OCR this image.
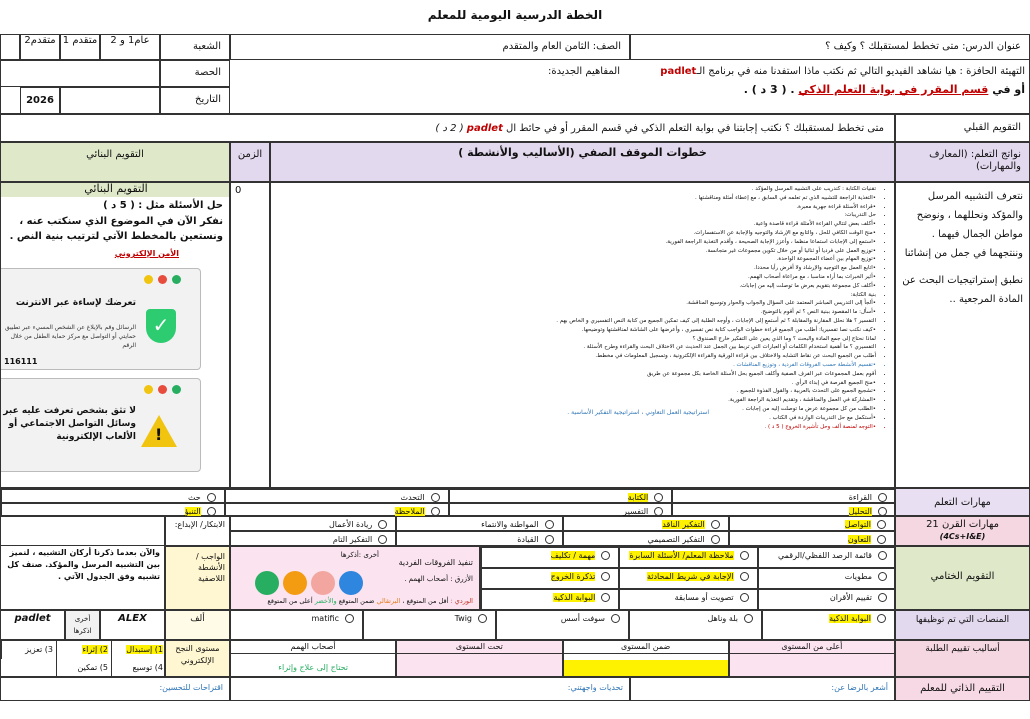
الخطة الدرسية اليومية للمعلم
عام1 و 2
متقدم 1
متقدم2
2026
الشعبة
الحصة
التاريخ
الصف: الثامن العام والمتقدم	عنوان الدرس: متى تخطط لمستقبلك ؟ وكيف ؟
المفاهيم الجديدة:	التهيئة الحافزة : هيا نشاهد الفيديو التالي ثم نكتب ماذا استفدنا منه في برنامج الـpadlet
أو في قسم المقرر في بوابة التعلم الذكي . ( 3 د ) .
التقويم القبلي
متى تخطط لمستقبلك ؟ نكتب إجابتنا في بوابة التعلم الذكي في قسم المقرر أو في حائط ال padlet ( 2 د )
نواتج التعلم: (المعارف والمهارات)
خطوات الموقف الصفي (الأساليب والأنشطة )
الزمن
التقويم البنائي
نتعرف التشبيه المرسل والمؤكد ونحللهما ، ونوضح مواطن الجمال فيهما . وننتجهما في جمل من إنشائنا
نطبق إستراتيجيات البحث عن المادة المرجعية ..
• تقنيات الكتابة : كتدريب على التشبيه المرسل والمؤكد .
• •التغذية الراجعة للتشبيه الذي تم تعلمه في السابق ، مع إعطاء أمثلة ومناقشتها .
• •قراءة الأسئلة قراءة جهرية معبرة.
• حل التدريبات:
• •أكلف بعض لتتالي القراءة الأمثلة قراءة قاصدة واعية.
• •منح الوقت الكافي للحل ، والتابع مع الإرشاد والتوجيه والإجابة عن الاستفسارات.
• •استمع إلى الإجابات استماعا منظما ، وأعزز الإجابة الصحيحة ، وأقدم التغذية الراجعة الفورية.
• •توزيع العمل على فرديا أو ثنائيا أو من خلال تكوين مجموعات غير متجانسة.
• •توزيع المهام بين أعضاء المجموعة الواحدة.
• •اتابع العمل مع التوجيه والإرشاد ولا أفرض رأيا محددا.
• •أثير الخبرات بما أراه مناسبا ، مع مراعاة أصحاب الهمم.
• •أكلف كل مجموعة بتقويم بعرض ما توصلت إليه من إجابات.
• بنية الكتابة:
• •ألجأ إلى التدريس المباشر المعتمد على السؤال والجواب والحوار وتوسيع المناقشة.
• •أسأل: ما المقصود ببنية النص ؟ ثم أقوم بالتوضيح.
• التفسير ؟ هلا نحلل المقارنة والمقابلة ؟ ثم أستمع إلى الإجابات ، وأوجه الطلبة إلى كيف تمكين الجميع من كتابة النص التفسيري و الخاص بهم .
• •كيف نكتب نصا تفسيريا: أطلب من الجميع قراءة خطوات الواجب كتابة نص تفسيري ، وأعرضها على الشاشة لمناقشتها وتوضيحها.
• لماذا نحتاج إلى جمع المادة والبحث ؟ وما الذي يعين على التفكير خارج الصندوق ؟
• التفسيري ؟ ما أهمية استخدام الكلمات أو العبارات التي تربط بين الجمل عند الحديث عن الاختلاف البحث والقراءة وطرح الأسئلة .
• أطلب من الجميع البحث عن نقاط التشابه والاختلاف بين قراءة الورقية والقراءة الإلكترونية ، وتسجيل المعلومات في مخطط.
• •تقسيم الأنشطة حسب الفروقات الفردية ، وتوزيع المناقشات .
• أقوم بعمل المجموعات عبر الفرف الصفية وأكلف الجميع بحل الأسئلة الخاصة بكل مجموعة عن طريق
• •منح الجميع الفرصة في إبداء الرأي .
• •تشجيع الجميع على التحدث بالعربية ، والقول الفذوة للجميع .
• •المشاركة في العمل والمناقشة ، وتقديم التغذية الراجعة الفورية.
• •الطلب من كل مجموعة عرض ما توصلت إليه من إجابات .
• •أستكمل مع حل التدريبات الواردة في الكتاب .
• •التوجه لمنصة ألف وحل تأشيرة الخروج ( 5 د ) .
استراتيجية العمل التعاوني ، استراتيجية التفكير الأساسية .
0
التقويم البنائي
حل الأسئلة مثل : ( 5 د )
نفكر الآن في الموضوع الذي سنكتب عنه ، ونستعين بالمخطط الآتي لترتيب بنية النص .
الأمن الإلكتروني
✓
تعرضك لإساءة عبر الانترنت
الرسائل وقم بالإبلاغ عن الشخص المسيء عبر تطبيق حمايتي أو التواصل مع مركز حماية الطفل من خلال الرقم
116111
!
لا تثق بشخص تعرفت عليه عبر وسائل التواصل الاجتماعي أو الألعاب الإلكترونية
مهارات التعلم
القراءة
الكتابة
التحدث
حث
التحليل
التفسير
الملاحظة
التنبؤ
مهارات القرن 21
(4Cs+I&E)
التواصل
التفكير الناقد
المواطنة والانتماء
ريادة الأعمال
التعاون
التفكير التصميمي
القيادة
التفكير التام
الابتكار/ الإبداع:
التقويم الختامي
قائمة الرصد اللفظي/الرقمي
مطويات
تقييم الأقران
ملاحظة المعلم/ الأسئلة السابرة
الإجابة في شريط المحادثة
تصويت أو مسابقة
مهمة / تكليف
تذكرة الخروج
البوابة الذكية
أخرى :أذكرها
تنفيذ الفروقات الفردية
الأزرق : أصحاب الهمم .
الوردي : أقل من المتوقع ، البرتقالي ضمن المتوقع والأخضر أعلى من المتوقع
الواجب / الأنشطة اللاصفية
والآن بعدما ذكرنا أركان التشبيه ، لنميز بين التشبيه المرسل والمؤكد. صنف كل تشبيه وفق الجدول الآتي .
المنصات التي تم توظيفها
البوابة الذكية
بلة وناهل
سوفت أسس
Twig
matific
ألف
ALEX
أخرى اذكرها
padlet
أساليب تقييم الطلبة
أعلى من المستوى
ضمن المستوى
تحت المستوى
أصحاب الهمم
تحتاج إلى علاج وإثراء
مستوى النجح الإلكتروني
1) إستبدال
2) إثراء
3) تعزيز
4) توسيع
5) تمكين
التقييم الذاتي للمعلم
أشعر بالرضا عن:
تحديات واجهتني:
اقتراحات للتحسين:
